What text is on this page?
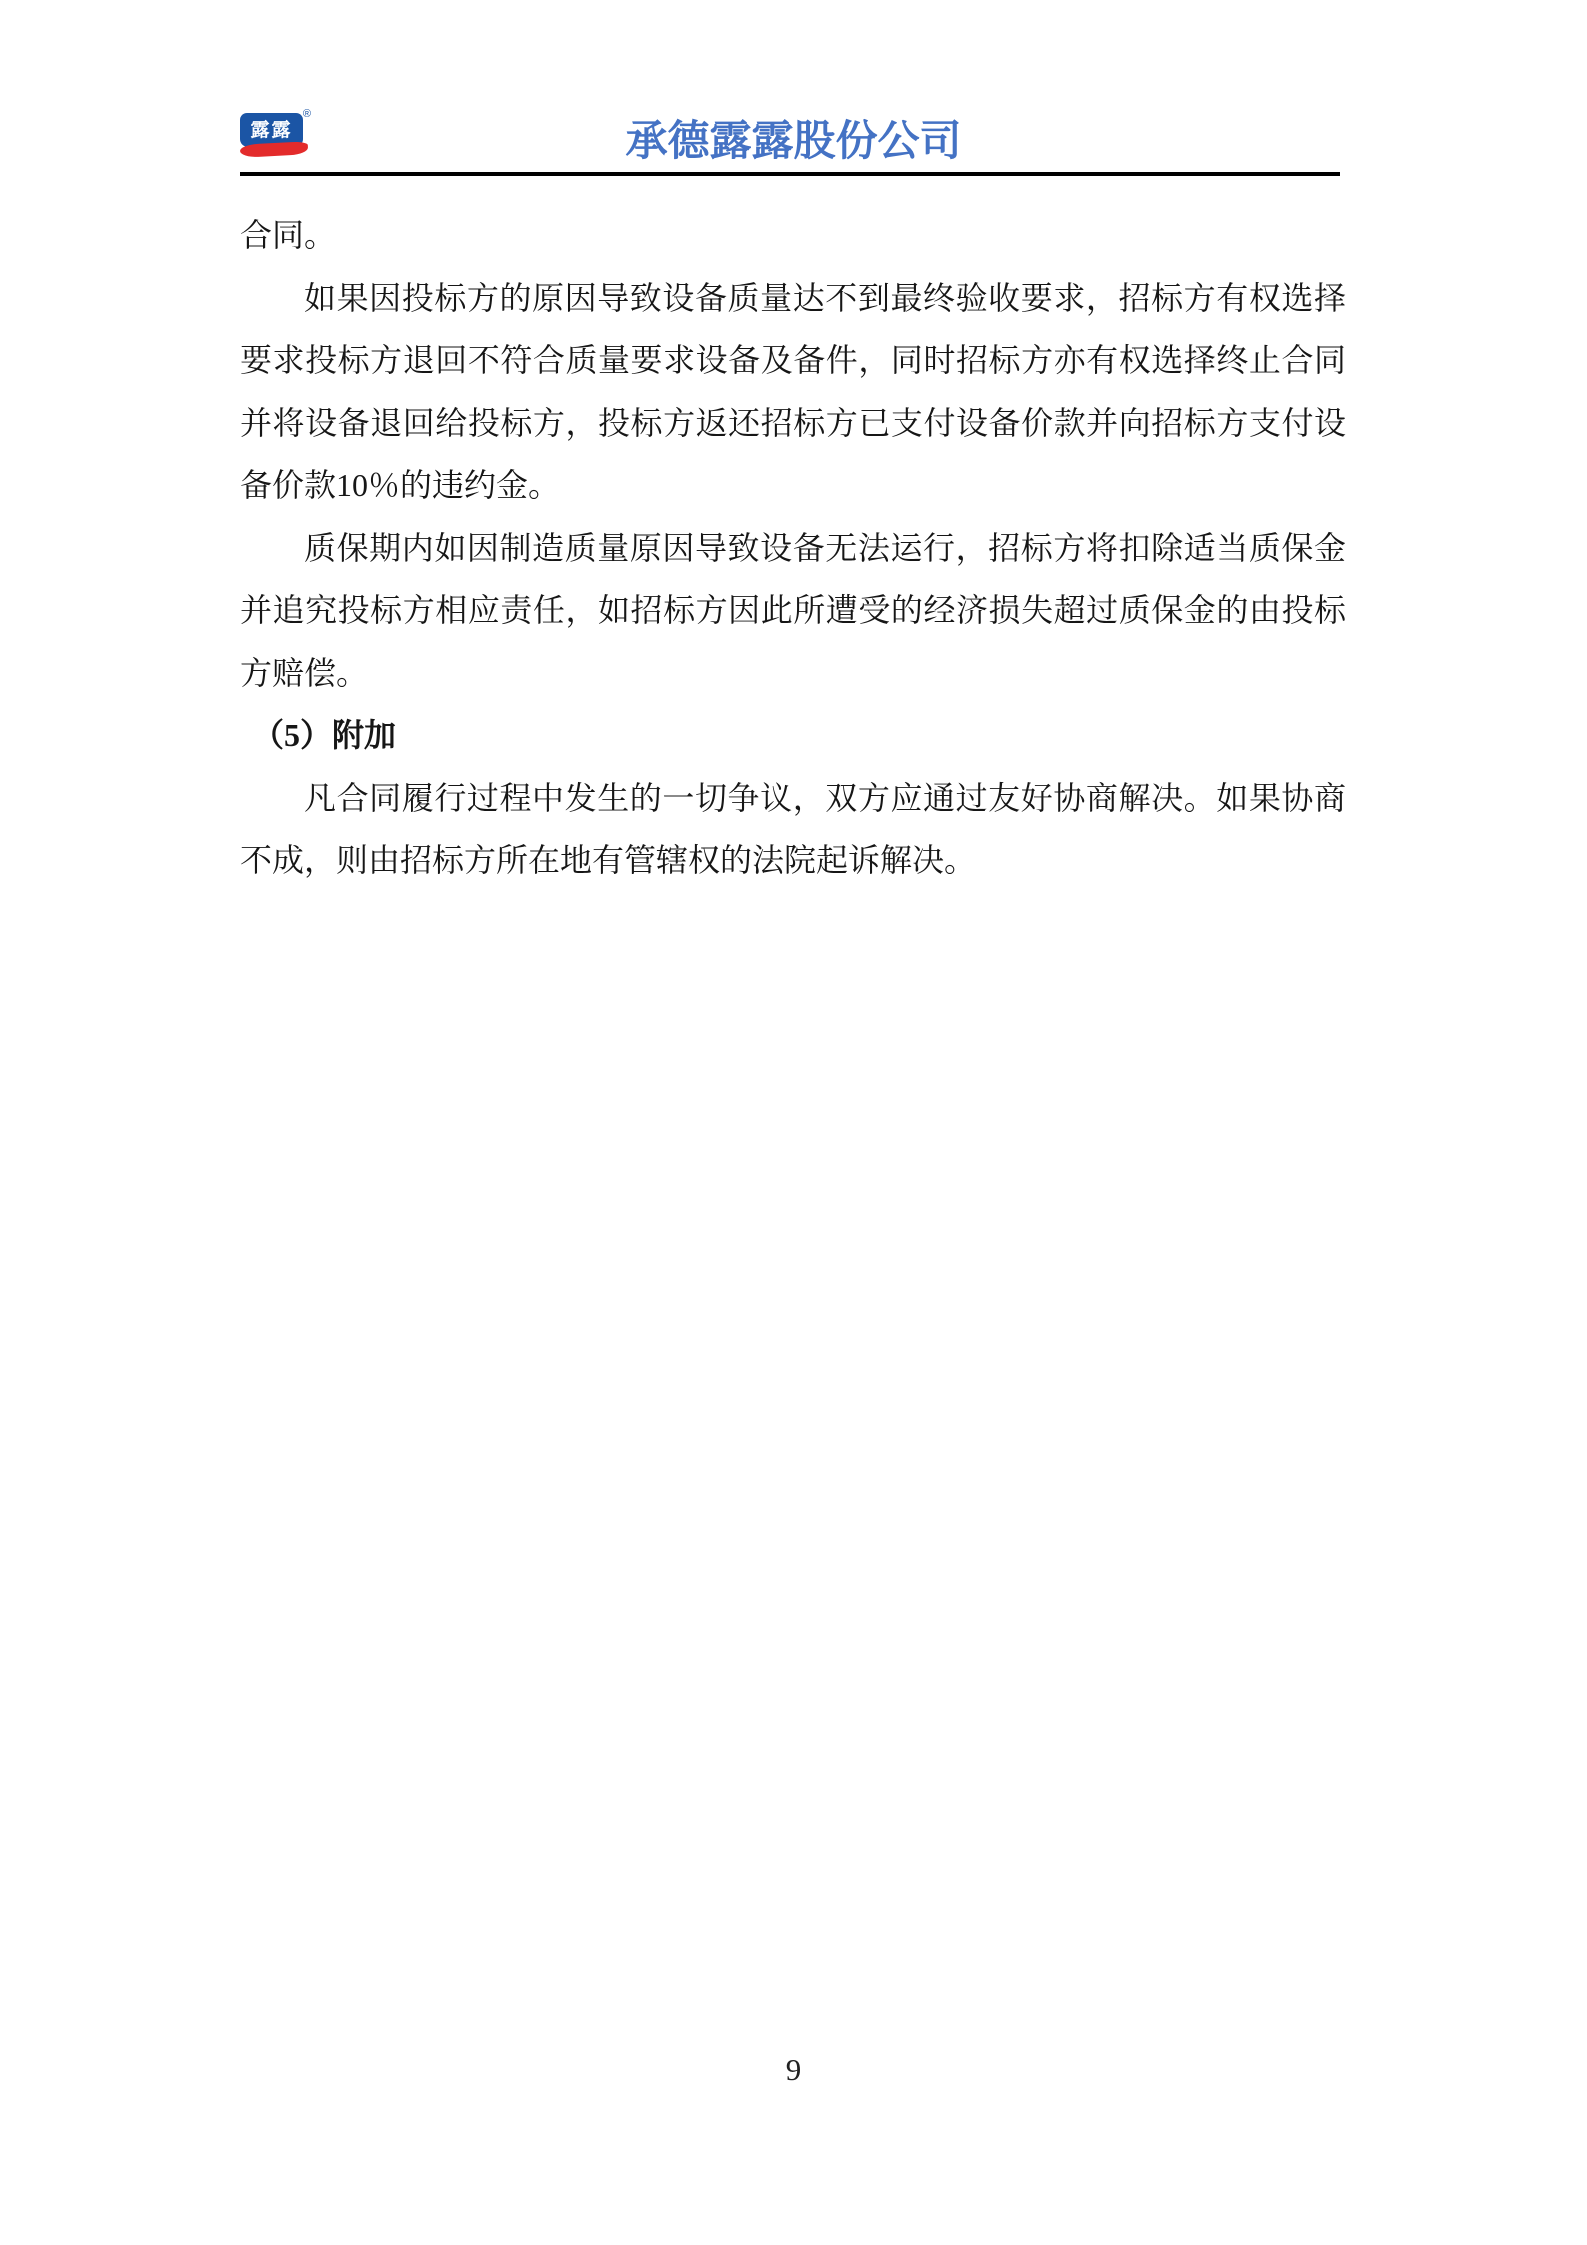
露露
®
承德露露股份公司

合同。

如果因投标方的原因导致设备质量达不到最终验收要求，招标方有权选择要求投标方退回不符合质量要求设备及备件，同时招标方亦有权选择终止合同并将设备退回给投标方，投标方返还招标方已支付设备价款并向招标方支付设备价款10％的违约金。

质保期内如因制造质量原因导致设备无法运行，招标方将扣除适当质保金并追究投标方相应责任，如招标方因此所遭受的经济损失超过质保金的由投标方赔偿。

（5）附加

凡合同履行过程中发生的一切争议，双方应通过友好协商解决。如果协商不成，则由招标方所在地有管辖权的法院起诉解决。

9
